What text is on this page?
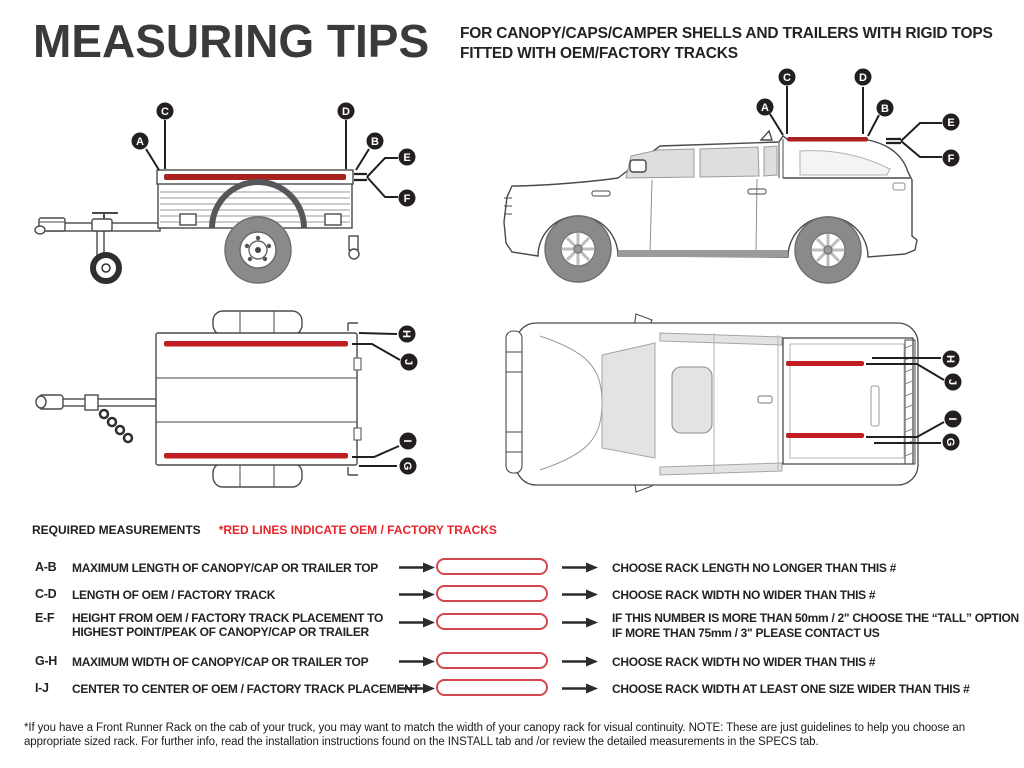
MEASURING TIPS FOR CANOPY/CAPS/CAMPER SHELLS AND TRAILERS WITH RIGID TOPS
FITTED WITH OEM/FACTORY TRACKS
A
C	D
B
E
F
A
C	D
B
E
F
H
J
I
G
H
J
I
G
REQUIRED MEASUREMENTS *RED LINES INDICATE OEM / FACTORY TRACKS
A-B MAXIMUM LENGTH OF CANOPY/CAP OR TRAILER TOP	CHOOSE RACK LENGTH NO LONGER THAN THIS #
C-D LENGTH OF OEM / FACTORY TRACK	CHOOSE RACK WIDTH NO WIDER THAN THIS #
E-F HEIGHT FROM OEM / FACTORY TRACK PLACEMENT TO
HIGHEST POINT/PEAK OF CANOPY/CAP OR TRAILER
IF THIS NUMBER IS MORE THAN 50mm / 2" CHOOSE THE “TALL” OPTION
IF MORE THAN 75mm / 3" PLEASE CONTACT US
G-H MAXIMUM WIDTH OF CANOPY/CAP OR TRAILER TOP	CHOOSE RACK WIDTH NO WIDER THAN THIS #
I-J CENTER TO CENTER OF OEM / FACTORY TRACK PLACEMENT	CHOOSE RACK WIDTH AT LEAST ONE SIZE WIDER THAN THIS #
*If you have a Front Runner Rack on the cab of your truck, you may want to match the width of your canopy rack for visual continuity. NOTE: These are just guidelines to help you choose an appropriate sized rack. For further info, read the installation instructions found on the INSTALL tab and /or review the detailed measurements in the SPECS tab.
